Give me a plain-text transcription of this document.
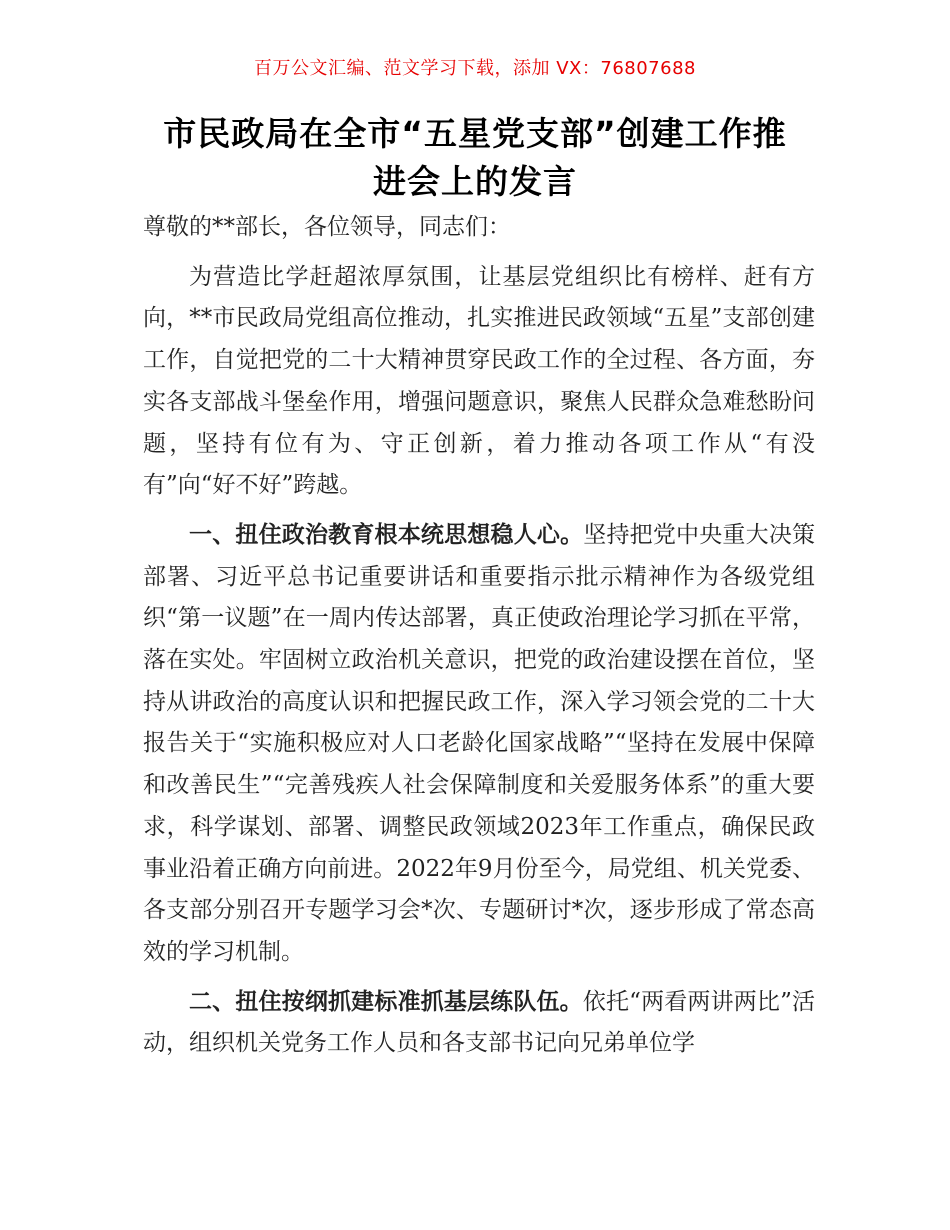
百万公文汇编、范文学习下载，添加 VX：76807688
市民政局在全市“五星党支部”创建工作推
进会上的发言

尊敬的**部长，各位领导，同志们：

为营造比学赶超浓厚氛围，让基层党组织比有榜样、赶有方向，**市民政局党组高位推动，扎实推进民政领域“五星”支部创建工作，自觉把党的二十大精神贯穿民政工作的全过程、各方面，夯实各支部战斗堡垒作用，增强问题意识，聚焦人民群众急难愁盼问题，坚持有位有为、守正创新，着力推动各项工作从“有没有”向“好不好”跨越。

一、扭住政治教育根本统思想稳人心。坚持把党中央重大决策部署、习近平总书记重要讲话和重要指示批示精神作为各级党组织“第一议题”在一周内传达部署，真正使政治理论学习抓在平常，落在实处。牢固树立政治机关意识，把党的政治建设摆在首位，坚持从讲政治的高度认识和把握民政工作，深入学习领会党的二十大报告关于“实施积极应对人口老龄化国家战略”“坚持在发展中保障和改善民生”“完善残疾人社会保障制度和关爱服务体系”的重大要求，科学谋划、部署、调整民政领域2023年工作重点，确保民政事业沿着正确方向前进。2022年9月份至今，局党组、机关党委、各支部分别召开专题学习会*次、专题研讨*次，逐步形成了常态高效的学习机制。

二、扭住按纲抓建标准抓基层练队伍。依托“两看两讲两比”活动，组织机关党务工作人员和各支部书记向兄弟单位学
